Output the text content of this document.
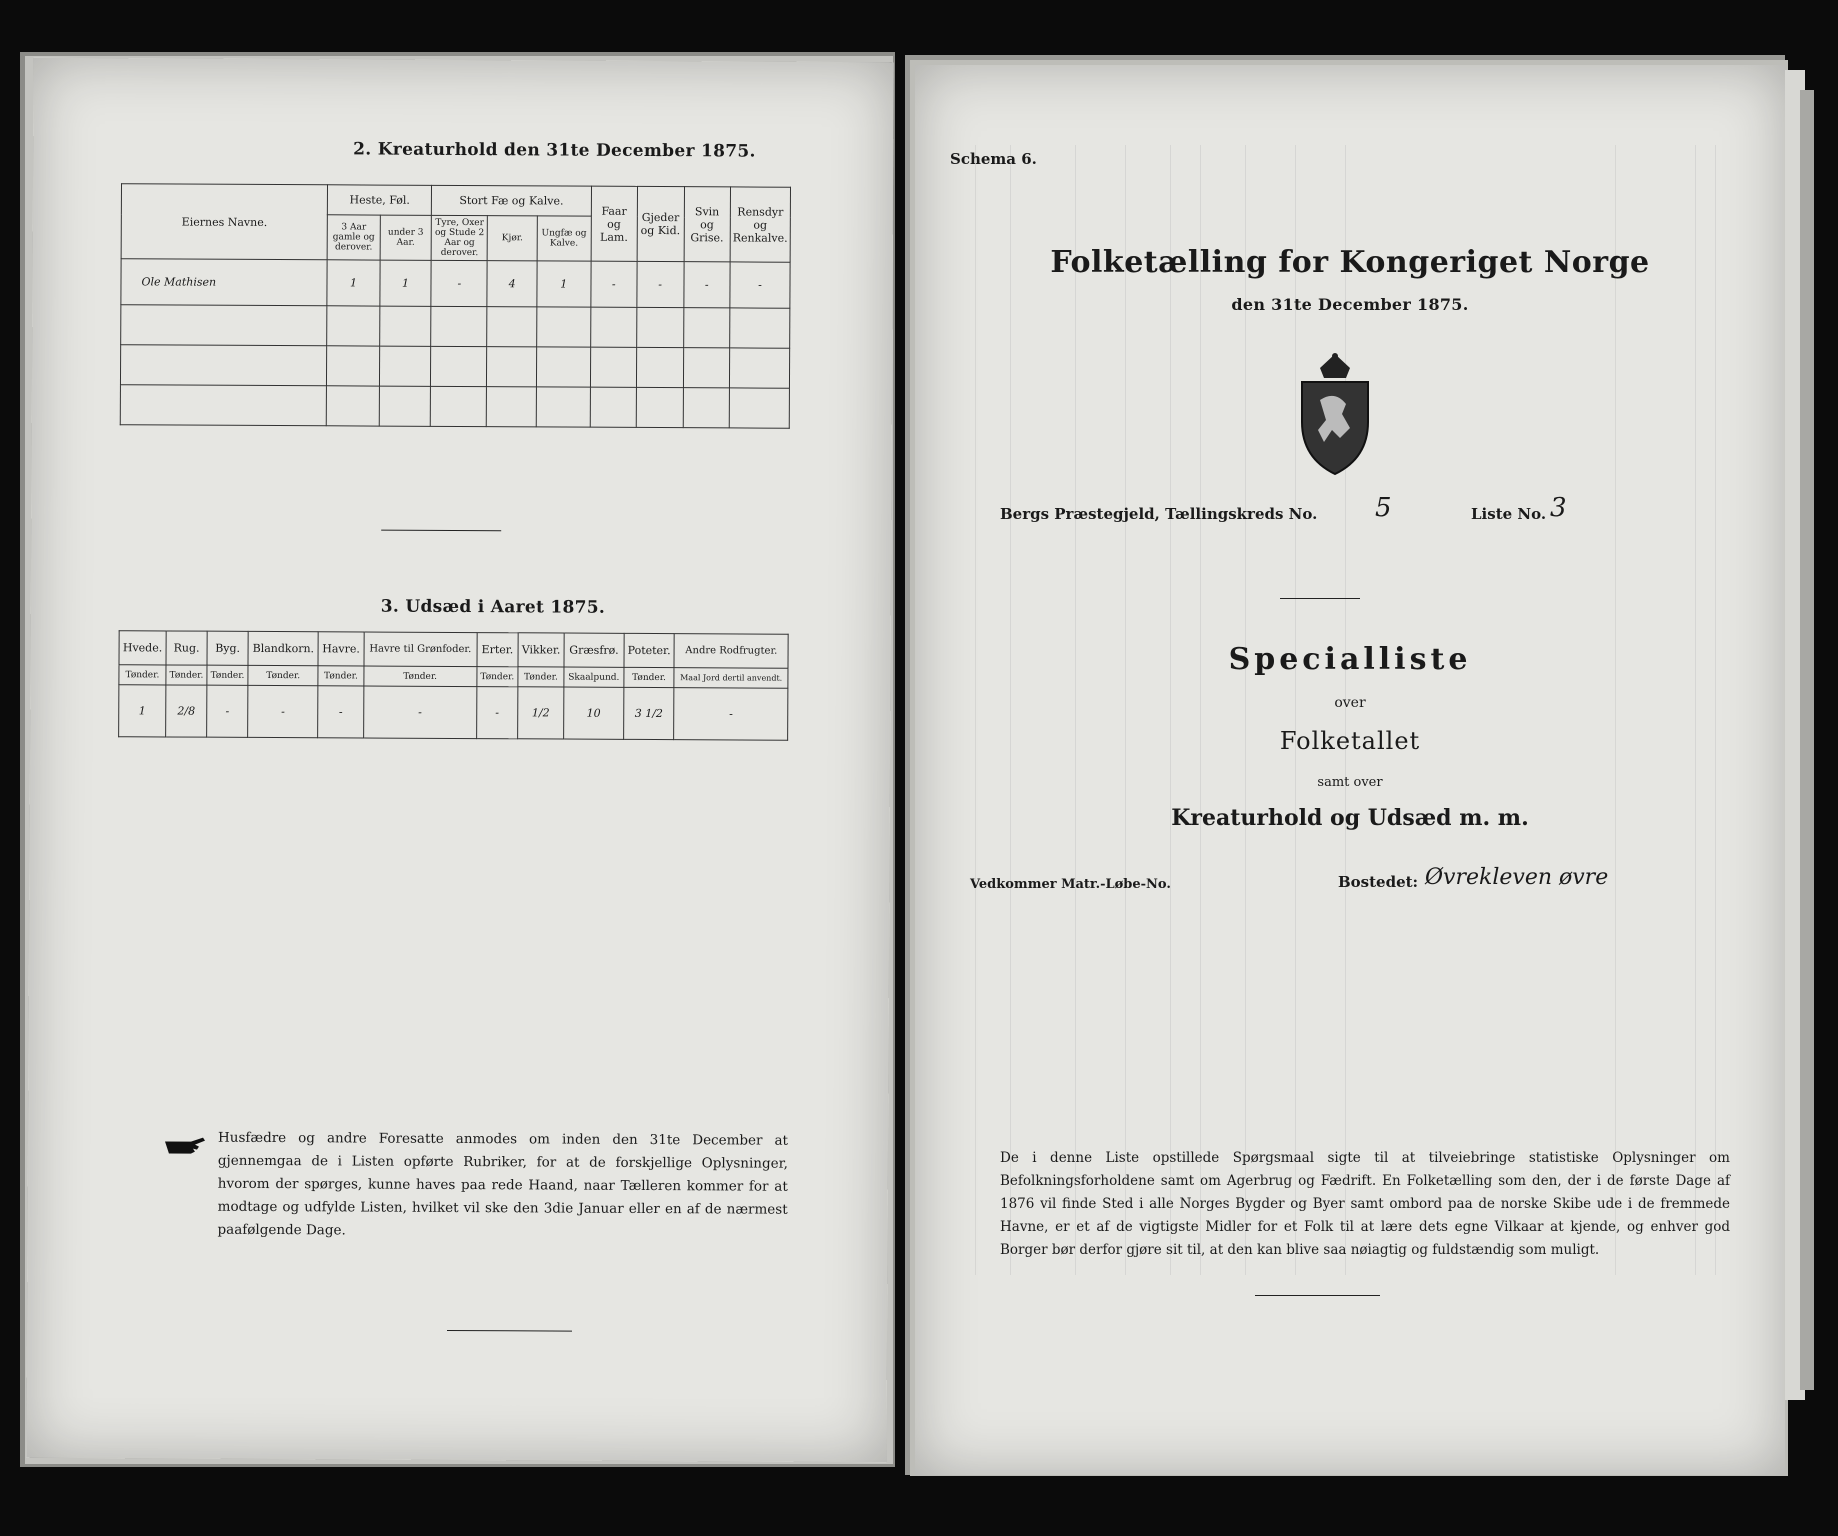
2. Kreaturhold den 31te December 1875.
Eiernes Navne.	Heste, Føl.		Stort Fæ og Kalve.			Faar og Lam.	Gjeder og Kid.	Svin og Grise.	Rensdyr og Renkalve.
	3 Aar gamle og derover.	under 3 Aar.	Tyre, Oxer og Stude 2 Aar og derover.	Kjør.	Ungfæ og Kalve.				
Ole Mathisen	1	1	-	4	1	-	-	-	-

3. Udsæd i Aaret 1875.
Hvede.	Rug.	Byg.	Blandkorn.	Havre.	Havre til Grønfoder.	Erter.	Vikker.	Græsfrø.	Poteter.	Andre Rodfrugter.
Tønder.	Tønder.	Tønder.	Tønder.	Tønder.	Tønder.	Tønder.	Tønder.	Skaalpund.	Tønder.	Maal Jord dertil anvendt.
1	2/8	-	-	-	-	-	1/2	10	3 1/2	-
Husfædre og andre Foresatte anmodes om inden den 31te December at gjennemgaa de i Listen opførte Rubriker, for at de forskjellige Oplysninger, hvorom der spørges, kunne haves paa rede Haand, naar Tælleren kommer for at modtage og udfylde Listen, hvilket vil ske den 3die Januar eller en af de nærmest paafølgende Dage.
Schema 6.
Folketælling for Kongeriget Norge
den 31te December 1875.
Bergs Præstegjeld, Tællingskreds No. 5	Liste No. 3
Specialliste
over
Folketallet
samt over
Kreaturhold og Udsæd m. m.
Vedkommer Matr.-Løbe-No.	Bostedet: Øvrekleven øvre
De i denne Liste opstillede Spørgsmaal sigte til at tilveiebringe statistiske Oplysninger om Befolkningsforholdene samt om Agerbrug og Fædrift. En Folketælling som den, der i de første Dage af 1876 vil finde Sted i alle Norges Bygder og Byer samt ombord paa de norske Skibe ude i de fremmede Havne, er et af de vigtigste Midler for et Folk til at lære dets egne Vilkaar at kjende, og enhver god Borger bør derfor gjøre sit til, at den kan blive saa nøiagtig og fuldstændig som muligt.
